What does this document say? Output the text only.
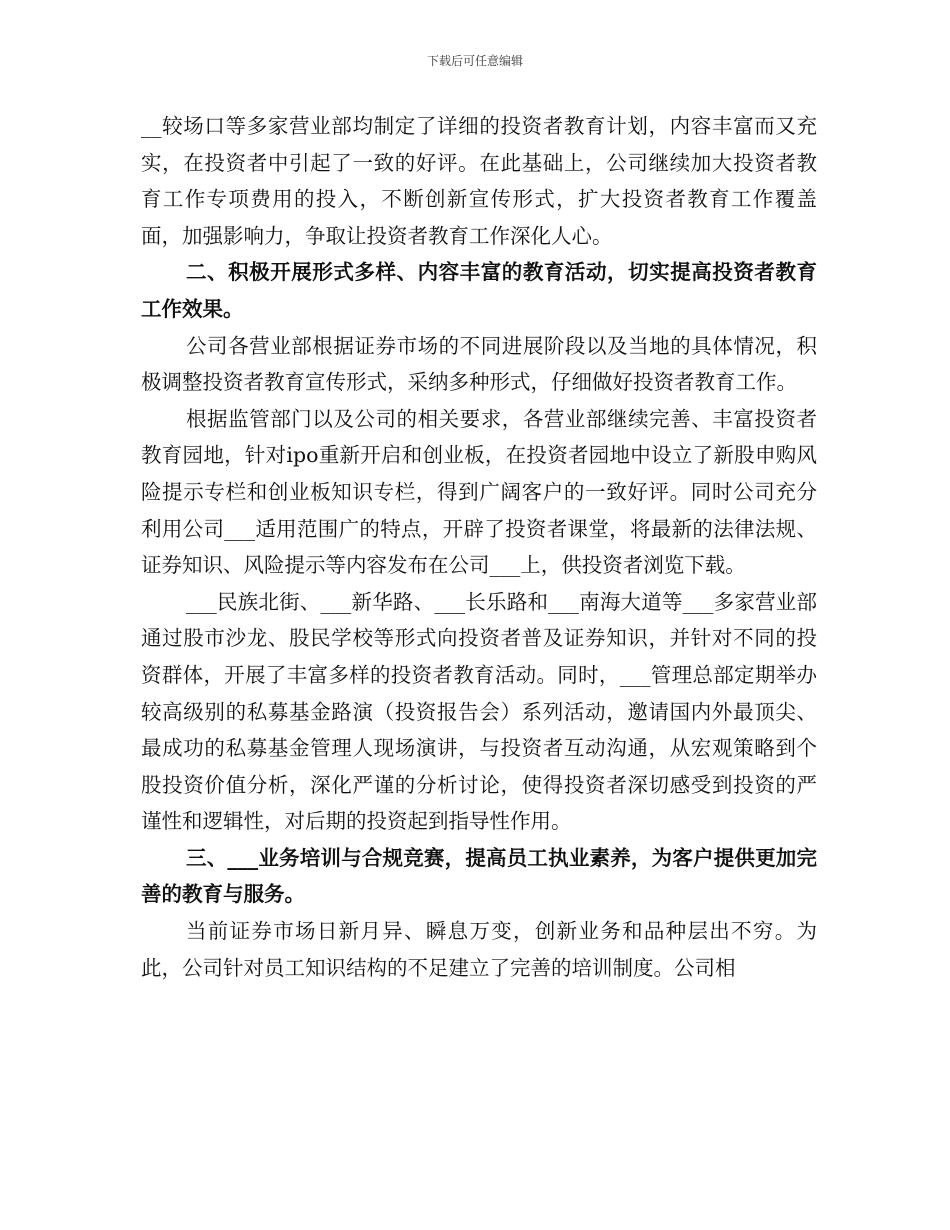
下载后可任意编辑

__较场口等多家营业部均制定了详细的投资者教育计划，内容丰富而又充实，在投资者中引起了一致的好评。在此基础上，公司继续加大投资者教育工作专项费用的投入，不断创新宣传形式，扩大投资者教育工作覆盖面，加强影响力，争取让投资者教育工作深化人心。

二、积极开展形式多样、内容丰富的教育活动，切实提高投资者教育工作效果。

公司各营业部根据证券市场的不同进展阶段以及当地的具体情况，积极调整投资者教育宣传形式，采纳多种形式，仔细做好投资者教育工作。

根据监管部门以及公司的相关要求，各营业部继续完善、丰富投资者教育园地，针对ipo重新开启和创业板，在投资者园地中设立了新股申购风险提示专栏和创业板知识专栏，得到广阔客户的一致好评。同时公司充分利用公司___适用范围广的特点，开辟了投资者课堂，将最新的法律法规、证券知识、风险提示等内容发布在公司___上，供投资者浏览下载。

___民族北街、___新华路、___长乐路和___南海大道等___多家营业部通过股市沙龙、股民学校等形式向投资者普及证券知识，并针对不同的投资群体，开展了丰富多样的投资者教育活动。同时，___管理总部定期举办较高级别的私募基金路演（投资报告会）系列活动，邀请国内外最顶尖、最成功的私募基金管理人现场演讲，与投资者互动沟通，从宏观策略到个股投资价值分析，深化严谨的分析讨论，使得投资者深切感受到投资的严谨性和逻辑性，对后期的投资起到指导性作用。

三、___业务培训与合规竞赛，提高员工执业素养，为客户提供更加完善的教育与服务。

当前证券市场日新月异、瞬息万变，创新业务和品种层出不穷。为此，公司针对员工知识结构的不足建立了完善的培训制度。公司相
